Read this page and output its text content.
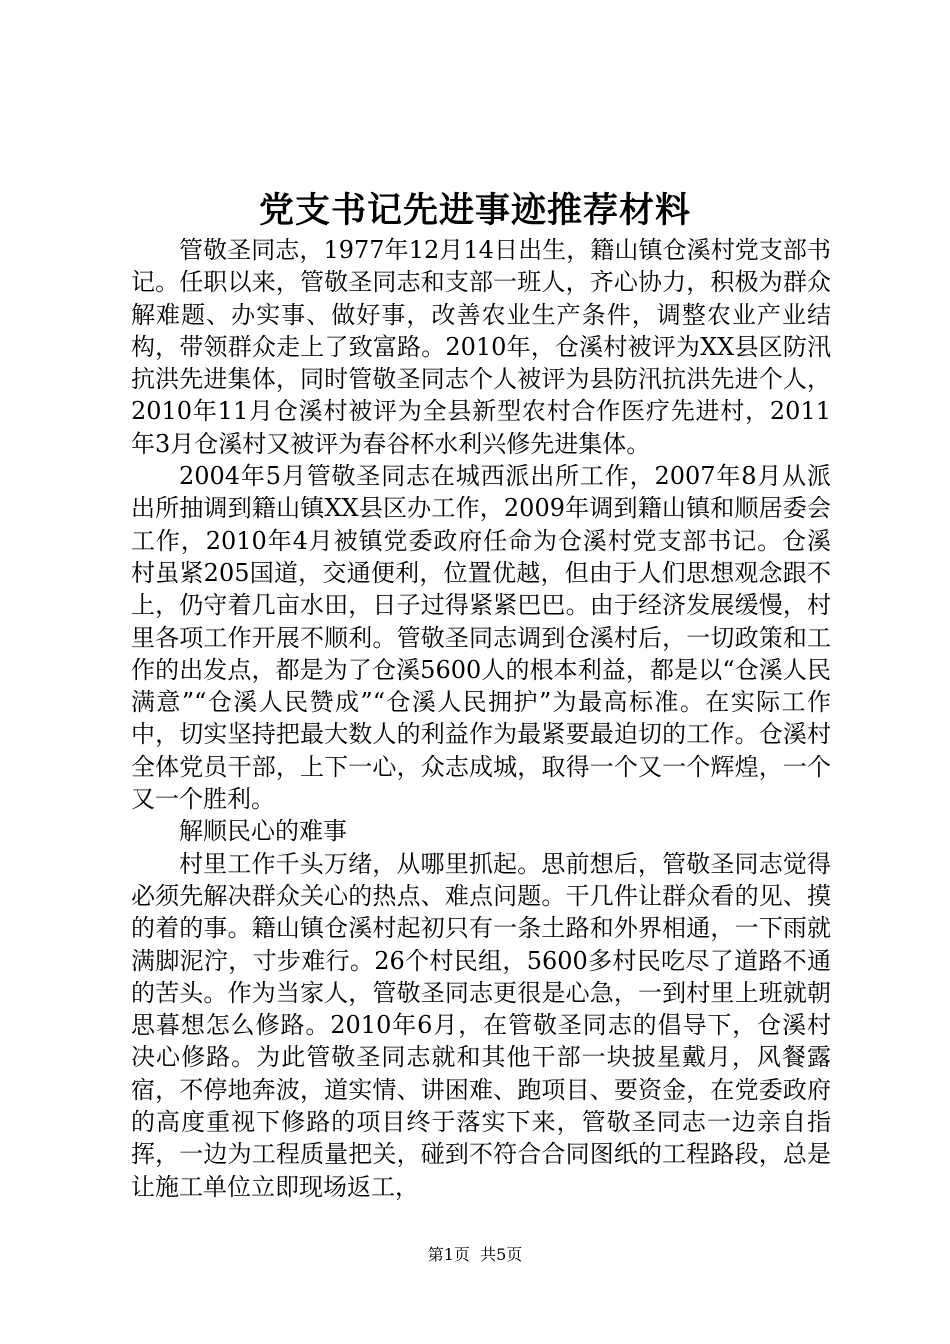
党支书记先进事迹推荐材料

管敬圣同志，1977年12月14日出生，籍山镇仓溪村党支部书记。任职以来，管敬圣同志和支部一班人，齐心协力，积极为群众解难题、办实事、做好事，改善农业生产条件，调整农业产业结构，带领群众走上了致富路。2010年，仓溪村被评为XX县区防汛抗洪先进集体，同时管敬圣同志个人被评为县防汛抗洪先进个人，2010年11月仓溪村被评为全县新型农村合作医疗先进村，2011年3月仓溪村又被评为春谷杯水利兴修先进集体。

2004年5月管敬圣同志在城西派出所工作，2007年8月从派出所抽调到籍山镇XX县区办工作，2009年调到籍山镇和顺居委会工作，2010年4月被镇党委政府任命为仓溪村党支部书记。仓溪村虽紧205国道，交通便利，位置优越，但由于人们思想观念跟不上，仍守着几亩水田，日子过得紧紧巴巴。由于经济发展缓慢，村里各项工作开展不顺利。管敬圣同志调到仓溪村后，一切政策和工作的出发点，都是为了仓溪5600人的根本利益，都是以“仓溪人民满意”“仓溪人民赞成”“仓溪人民拥护”为最高标准。在实际工作中，切实坚持把最大数人的利益作为最紧要最迫切的工作。仓溪村全体党员干部，上下一心，众志成城，取得一个又一个辉煌，一个又一个胜利。

解顺民心的难事

村里工作千头万绪，从哪里抓起。思前想后，管敬圣同志觉得必须先解决群众关心的热点、难点问题。干几件让群众看的见、摸的着的事。籍山镇仓溪村起初只有一条土路和外界相通，一下雨就满脚泥泞，寸步难行。26个村民组，5600多村民吃尽了道路不通的苦头。作为当家人，管敬圣同志更很是心急，一到村里上班就朝思暮想怎么修路。2010年6月，在管敬圣同志的倡导下，仓溪村决心修路。为此管敬圣同志就和其他干部一块披星戴月，风餐露宿，不停地奔波，道实情、讲困难、跑项目、要资金，在党委政府的高度重视下修路的项目终于落实下来，管敬圣同志一边亲自指挥，一边为工程质量把关，碰到不符合合同图纸的工程路段，总是让施工单位立即现场返工，

第1页  共5页
